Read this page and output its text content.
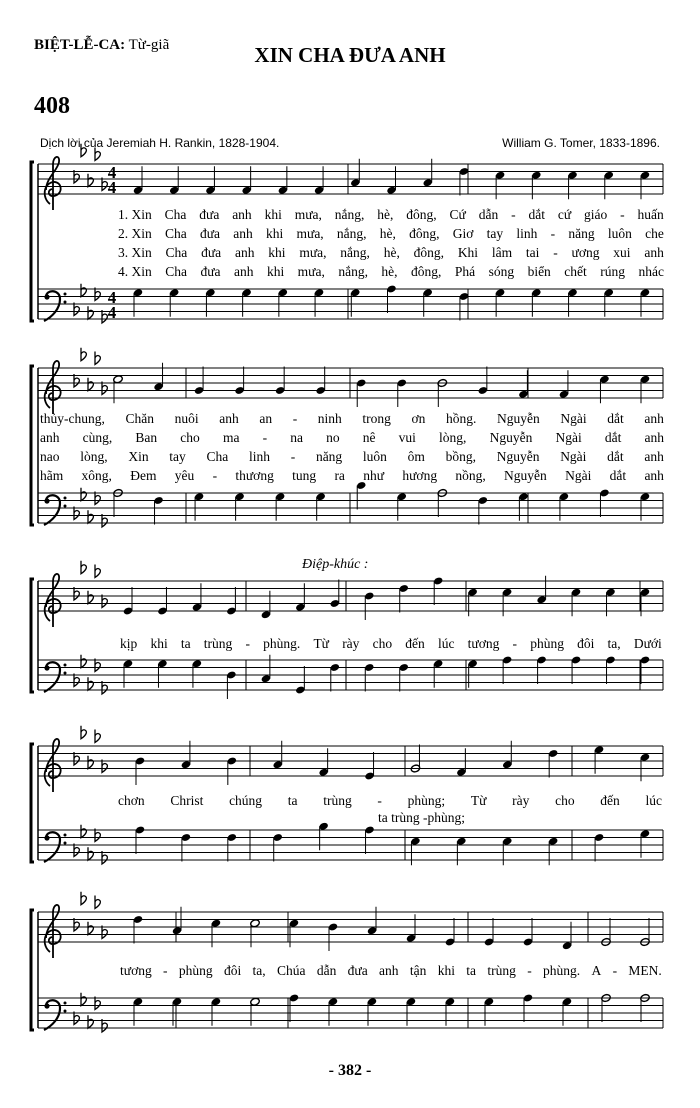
BIỆT-LỄ-CA: Từ-giã	XIN CHA ĐƯA ANH
408
Dịch lời của Jeremiah H. Rankin, 1828-1904.	William G. Tomer, 1833-1896.
4
4
4
4
1. Xin Cha đưa anh khi mưa, nắng, hè, đông, Cứ dẫn - dắt cứ giáo - huấn
2. Xin Cha đưa anh khi mưa, nắng, hè, đông, Giơ tay linh - năng luôn che
3. Xin Cha đưa anh khi mưa, nắng, hè, đông, Khi lâm tai - ương xui anh
4. Xin Cha đưa anh khi mưa, nắng, hè, đông, Phá sóng biển chết rúng nhác
thủy-chung, Chăn nuôi anh an - ninh trong ơn hồng. Nguyễn Ngài dắt anh
anh cùng, Ban cho ma - na no nê vui lòng, Nguyễn Ngài dắt anh
nao lòng, Xin tay Cha linh - năng luôn ôm bồng, Nguyễn Ngài dắt anh
hãm xông, Đem yêu - thương tung ra như hương nồng, Nguyễn Ngài dắt anh
Điệp-khúc :
kịp khi ta trùng - phùng. Từ rày cho đến lúc tương - phùng đôi ta, Dưới
chơn Christ chúng ta trùng - phùng; Từ rày cho đến lúc
ta trùng -phùng;
tương - phùng đôi ta, Chúa dẫn đưa anh tận khi ta trùng - phùng. A - MEN.
- 382 -
